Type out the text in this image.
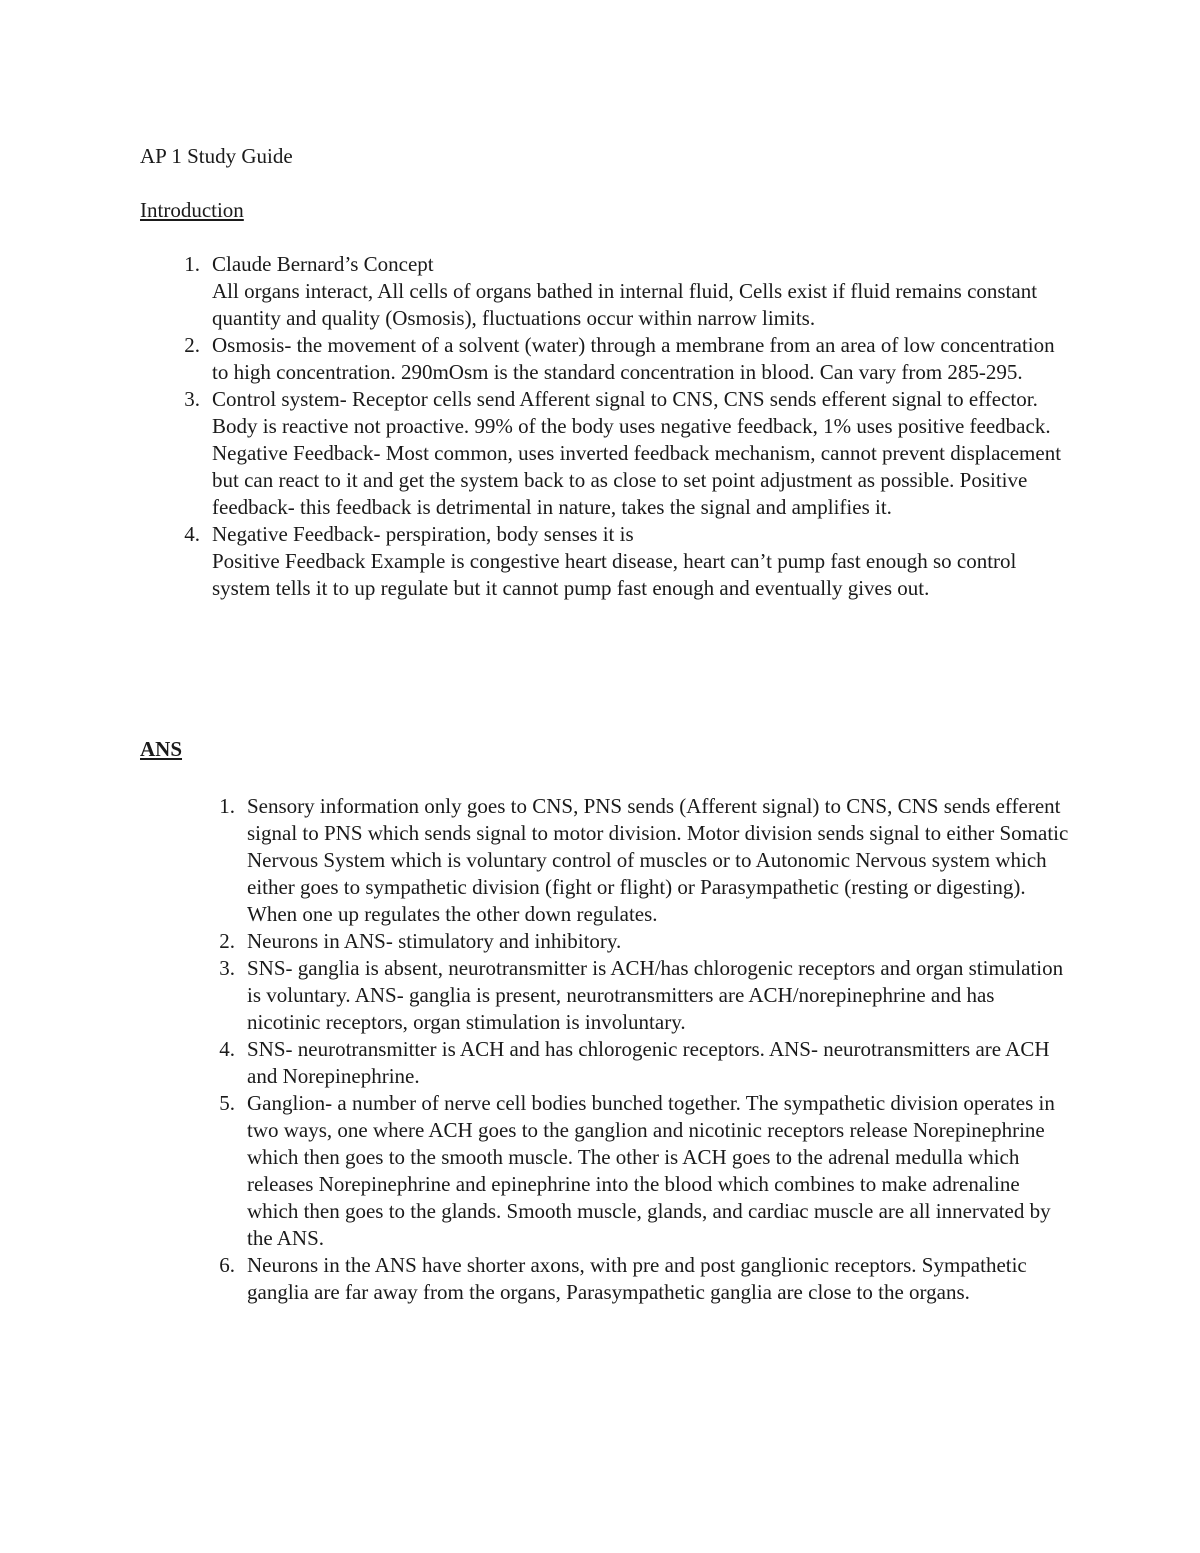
AP 1 Study Guide
Introduction
1. Claude Bernard’s Concept
All organs interact, All cells of organs bathed in internal fluid, Cells exist if fluid remains constant quantity and quality (Osmosis), fluctuations occur within narrow limits.
2. Osmosis- the movement of a solvent (water) through a membrane from an area of low concentration to high concentration. 290mOsm is the standard concentration in blood. Can vary from 285-295.
3. Control system- Receptor cells send Afferent signal to CNS, CNS sends efferent signal to effector. Body is reactive not proactive. 99% of the body uses negative feedback, 1% uses positive feedback. Negative Feedback- Most common, uses inverted feedback mechanism, cannot prevent displacement but can react to it and get the system back to as close to set point adjustment as possible. Positive feedback- this feedback is detrimental in nature, takes the signal and amplifies it.
4. Negative Feedback- perspiration, body senses it is
Positive Feedback Example is congestive heart disease, heart can’t pump fast enough so control system tells it to up regulate but it cannot pump fast enough and eventually gives out.
ANS
1. Sensory information only goes to CNS, PNS sends (Afferent signal) to CNS, CNS sends efferent signal to PNS which sends signal to motor division. Motor division sends signal to either Somatic Nervous System which is voluntary control of muscles or to Autonomic Nervous system which either goes to sympathetic division (fight or flight) or Parasympathetic (resting or digesting). When one up regulates the other down regulates.
2. Neurons in ANS- stimulatory and inhibitory.
3. SNS- ganglia is absent, neurotransmitter is ACH/has chlorogenic receptors and organ stimulation is voluntary. ANS- ganglia is present, neurotransmitters are ACH/norepinephrine and has nicotinic receptors, organ stimulation is involuntary.
4. SNS- neurotransmitter is ACH and has chlorogenic receptors. ANS- neurotransmitters are ACH and Norepinephrine.
5. Ganglion- a number of nerve cell bodies bunched together. The sympathetic division operates in two ways, one where ACH goes to the ganglion and nicotinic receptors release Norepinephrine which then goes to the smooth muscle. The other is ACH goes to the adrenal medulla which releases Norepinephrine and epinephrine into the blood which combines to make adrenaline which then goes to the glands. Smooth muscle, glands, and cardiac muscle are all innervated by the ANS.
6. Neurons in the ANS have shorter axons, with pre and post ganglionic receptors. Sympathetic ganglia are far away from the organs, Parasympathetic ganglia are close to the organs.
